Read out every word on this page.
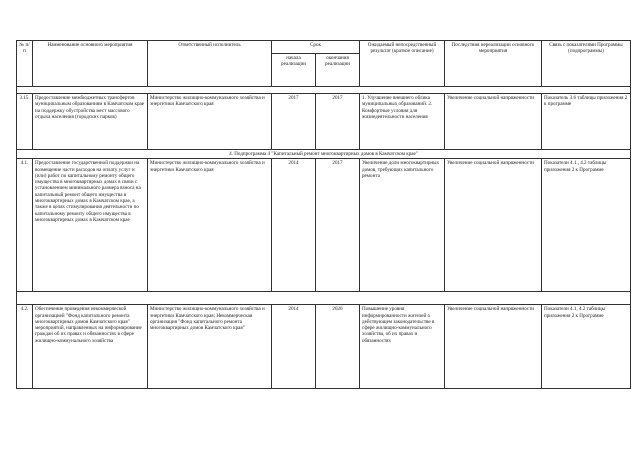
№ п/п	Наименование основного мероприятия	Ответственный исполнитель	Срок		Ожидаемый непосредственный результат (краткое описание)	Последствия нереализации основного мероприятия	Связь с показателями Программы (подпрограммы)
			начала реализации	окончания реализации			

3.15.	Предоставление межбюджетных трансфертов муниципальным образованиям в Камчатском крае на поддержку обустройства мест массового отдыха населения (городских парков)	Министерство жилищно-коммунального хозяйства и энергетики Камчатского края	2017	2017	1. Улучшение внешнего облика муниципальных образований. 2. Комфортные условия для жизнедеятельности населения	Увеличение социальной напряженности	Показатель 3.6 таблицы приложения 2 к программе
4. Подпрограмма 4 "Капитальный ремонт многоквартирных домов в Камчатском крае"							
4.1.	Предоставление государственной поддержки на возмещение части расходов на оплату услуг и (или) работ по капитальному ремонту общего имущества в многоквартирных домах в связи с установлением минимального размера взноса на капитальный ремонт общего имущества в многоквартирных домах в Камчатском крае, а также в целях стимулирования деятельности по капитальному ремонту общего имущества в многоквартирных домах в Камчатском крае	Министерство жилищно-коммунального хозяйства и энергетики Камчатского края	2014	2017	Увеличение доли многоквартирных домов, требующих капитального ремонта	Увеличение социальной напряженности	Показатели 4.1., 4.2 таблицы приложения 2 к Программе

4.2.	Обеспечение проведения некоммерческой организацией "Фонд капитального ремонта многоквартирных домов Камчатского края" мероприятий, направленных на информирование граждан об их правах и обязанностях в сфере жилищно-коммунального хозяйства	Министерство жилищно-коммунального хозяйства и энергетики Камчатского края; Некоммерческая организация "Фонд капитального ремонта многоквартирных домов Камчатского края"	2014	2020	Повышение уровня информированности жителей о действующем законодательстве в сфере жилищно-коммунального хозяйства, об их правах и обязанностях	Увеличение социальной напряженности	Показатели 4.1, 4.2 таблицы приложения 2 к Программе
